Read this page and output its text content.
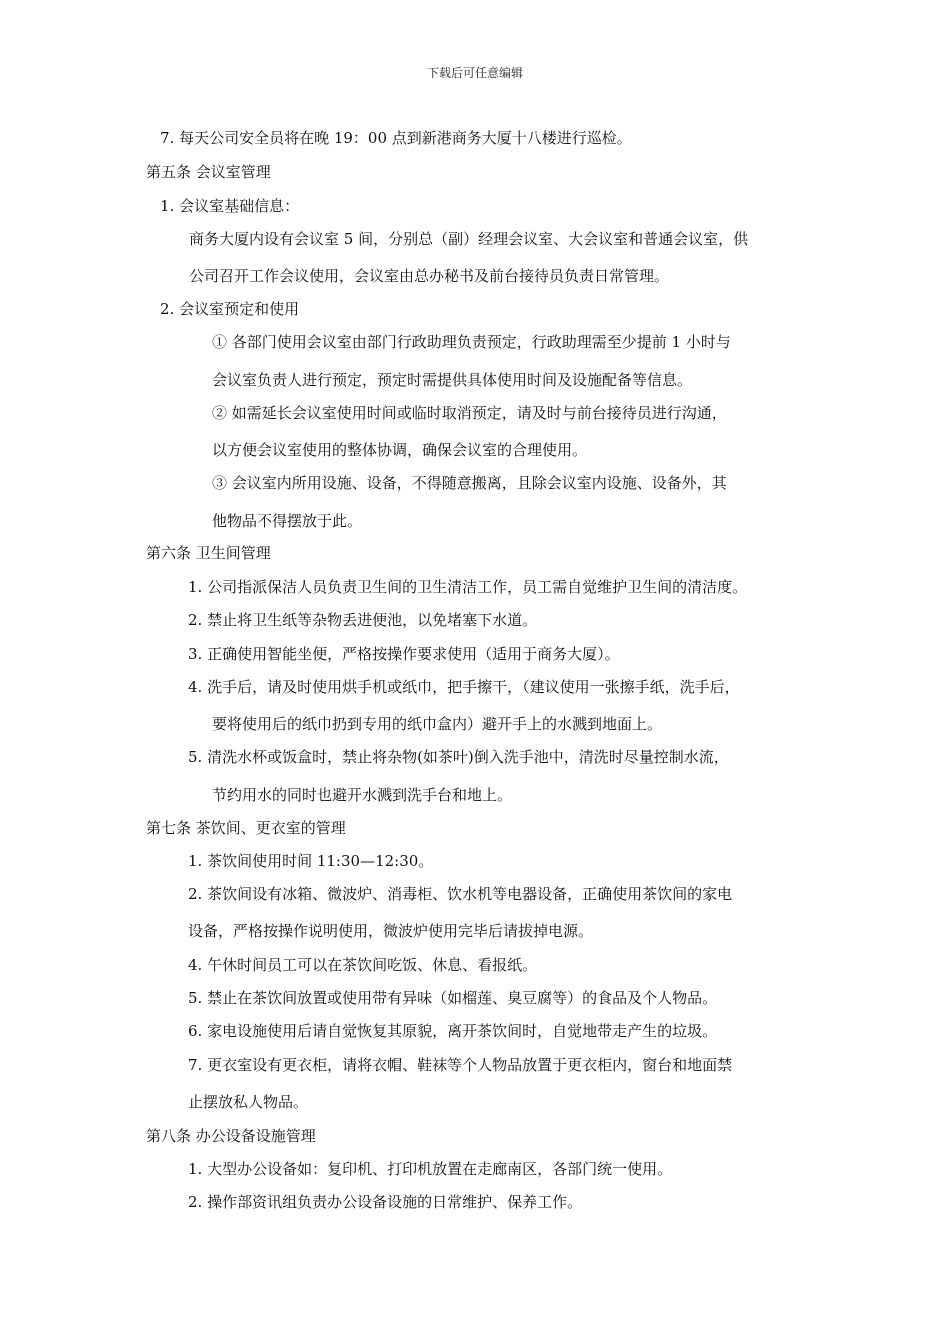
下载后可任意编辑
7. 每天公司安全员将在晚 19：00 点到新港商务大厦十八楼进行巡检。
第五条 会议室管理
1. 会议室基础信息：
商务大厦内设有会议室 5 间，分别总（副）经理会议室、大会议室和普通会议室，供
公司召开工作会议使用，会议室由总办秘书及前台接待员负责日常管理。
2. 会议室预定和使用
① 各部门使用会议室由部门行政助理负责预定，行政助理需至少提前 1 小时与
会议室负责人进行预定，预定时需提供具体使用时间及设施配备等信息。
② 如需延长会议室使用时间或临时取消预定，请及时与前台接待员进行沟通，
以方便会议室使用的整体协调，确保会议室的合理使用。
③ 会议室内所用设施、设备，不得随意搬离，且除会议室内设施、设备外，其
他物品不得摆放于此。
第六条 卫生间管理
1. 公司指派保洁人员负责卫生间的卫生清洁工作，员工需自觉维护卫生间的清洁度。
2. 禁止将卫生纸等杂物丢进便池，以免堵塞下水道。
3. 正确使用智能坐便，严格按操作要求使用（适用于商务大厦）。
4. 洗手后，请及时使用烘手机或纸巾，把手擦干，（建议使用一张擦手纸，洗手后，
要将使用后的纸巾扔到专用的纸巾盒内）避开手上的水溅到地面上。
5. 清洗水杯或饭盒时，禁止将杂物(如茶叶)倒入洗手池中，清洗时尽量控制水流，
节约用水的同时也避开水溅到洗手台和地上。
第七条 茶饮间、更衣室的管理
1. 茶饮间使用时间 11:30—12:30。
2. 茶饮间设有冰箱、微波炉、消毒柜、饮水机等电器设备，正确使用茶饮间的家电
设备，严格按操作说明使用，微波炉使用完毕后请拔掉电源。
4. 午休时间员工可以在茶饮间吃饭、休息、看报纸。
5. 禁止在茶饮间放置或使用带有异味（如榴莲、臭豆腐等）的食品及个人物品。
6. 家电设施使用后请自觉恢复其原貌，离开茶饮间时，自觉地带走产生的垃圾。
7. 更衣室设有更衣柜，请将衣帽、鞋袜等个人物品放置于更衣柜内，窗台和地面禁
止摆放私人物品。
第八条 办公设备设施管理
1. 大型办公设备如：复印机、打印机放置在走廊南区，各部门统一使用。
2. 操作部资讯组负责办公设备设施的日常维护、保养工作。
